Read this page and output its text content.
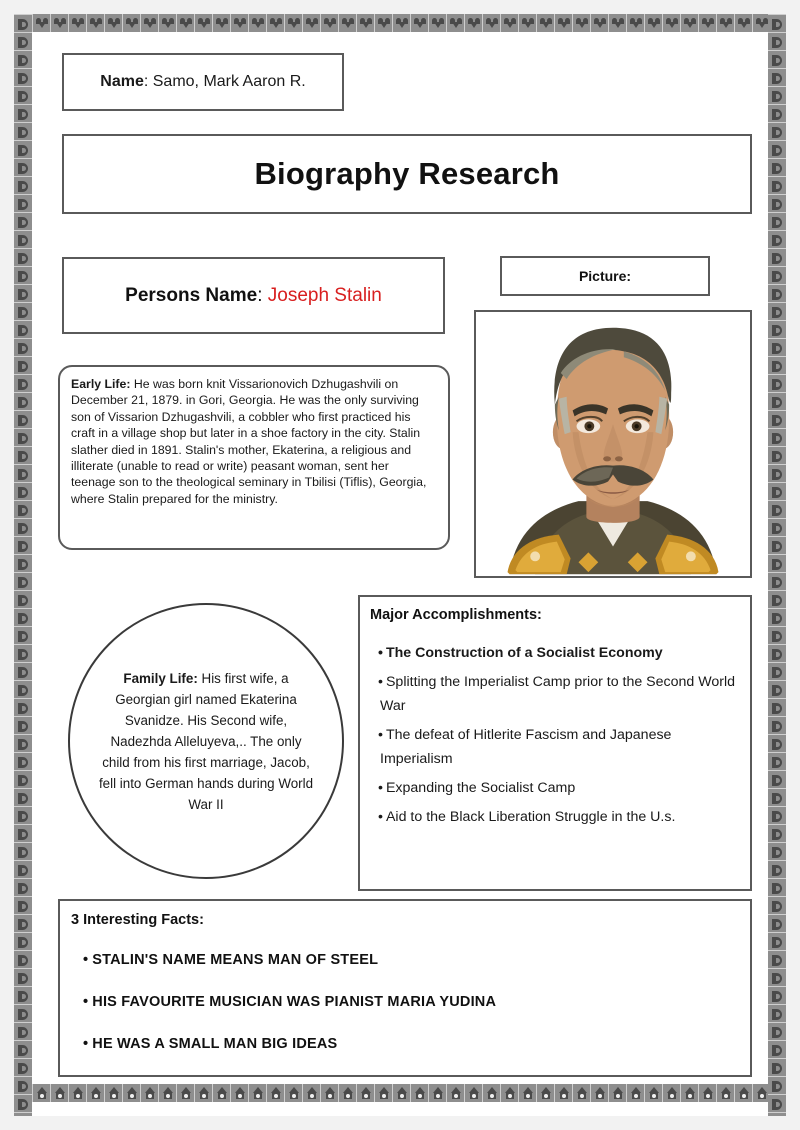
Name: Samo, Mark Aaron R.
Biography Research
Persons Name: Joseph Stalin
Picture:
Early Life: He was born knit Vissarionovich Dzhugashvili on December 21, 1879. in Gori, Georgia. He was the only surviving son of Vissarion Dzhugashvili, a cobbler who first practiced his craft in a village shop but later in a shoe factory in the city. Stalin slather died in 1891. Stalin's mother, Ekaterina, a religious and illiterate (unable to read or write) peasant woman, sent her teenage son to the theological seminary in Tbilisi (Tiflis), Georgia, where Stalin prepared for the ministry.
Family Life: His first wife, a Georgian girl named Ekaterina Svanidze. His Second wife, Nadezhda Alleluyeva,.. The only child from his first marriage, Jacob, fell into German hands during World War II
Major Accomplishments:
• The Construction of a Socialist Economy
• Splitting the Imperialist Camp prior to the Second World War
• The defeat of Hitlerite Fascism and Japanese Imperialism
• Expanding the Socialist Camp
• Aid to the Black Liberation Struggle in the U.s.
3 Interesting Facts:
• STALIN'S NAME MEANS MAN OF STEEL
• HIS FAVOURITE MUSICIAN WAS PIANIST MARIA YUDINA
• HE WAS A SMALL MAN BIG IDEAS
